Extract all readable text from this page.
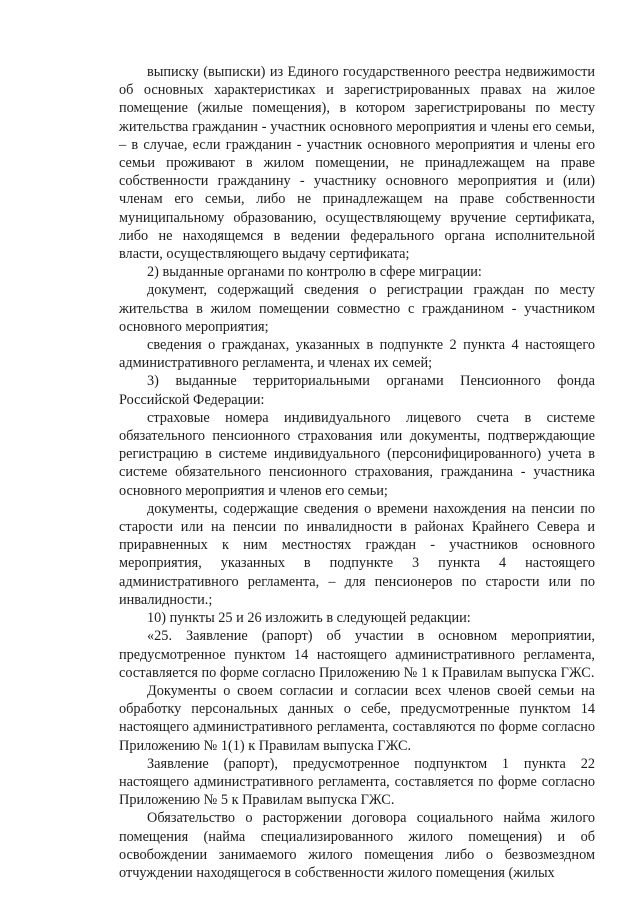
выписку (выписки) из Единого государственного реестра недвижимости об основных характеристиках и зарегистрированных правах на жилое помещение (жилые помещения), в котором зарегистрированы по месту жительства гражданин - участник основного мероприятия и члены его семьи, – в случае, если гражданин - участник основного мероприятия и члены его семьи проживают в жилом помещении, не принадлежащем на праве собственности гражданину - участнику основного мероприятия и (или) членам его семьи, либо не принадлежащем на праве собственности муниципальному образованию, осуществляющему вручение сертификата, либо не находящемся в ведении федерального органа исполнительной власти, осуществляющего выдачу сертификата;

2) выданные органами по контролю в сфере миграции:

документ, содержащий сведения о регистрации граждан по месту жительства в жилом помещении совместно с гражданином - участником основного мероприятия;

сведения о гражданах, указанных в подпункте 2 пункта 4 настоящего административного регламента, и членах их семей;

3) выданные территориальными органами Пенсионного фонда Российской Федерации:

страховые номера индивидуального лицевого счета в системе обязательного пенсионного страхования или документы, подтверждающие регистрацию в системе индивидуального (персонифицированного) учета в системе обязательного пенсионного страхования, гражданина - участника основного мероприятия и членов его семьи;

документы, содержащие сведения о времени нахождения на пенсии по старости или на пенсии по инвалидности в районах Крайнего Севера и приравненных к ним местностях граждан - участников основного мероприятия, указанных в подпункте 3 пункта 4 настоящего административного регламента, – для пенсионеров по старости или по инвалидности.;

10) пункты 25 и 26 изложить в следующей редакции:

«25. Заявление (рапорт) об участии в основном мероприятии, предусмотренное пунктом 14 настоящего административного регламента, составляется по форме согласно Приложению № 1 к Правилам выпуска ГЖС.

Документы о своем согласии и согласии всех членов своей семьи на обработку персональных данных о себе, предусмотренные пунктом 14 настоящего административного регламента, составляются по форме согласно Приложению № 1(1) к Правилам выпуска ГЖС.

Заявление (рапорт), предусмотренное подпунктом 1 пункта 22 настоящего административного регламента, составляется по форме согласно Приложению № 5 к Правилам выпуска ГЖС.

Обязательство о расторжении договора социального найма жилого помещения (найма специализированного жилого помещения) и об освобождении занимаемого жилого помещения либо о безвозмездном отчуждении находящегося в собственности жилого помещения (жилых
